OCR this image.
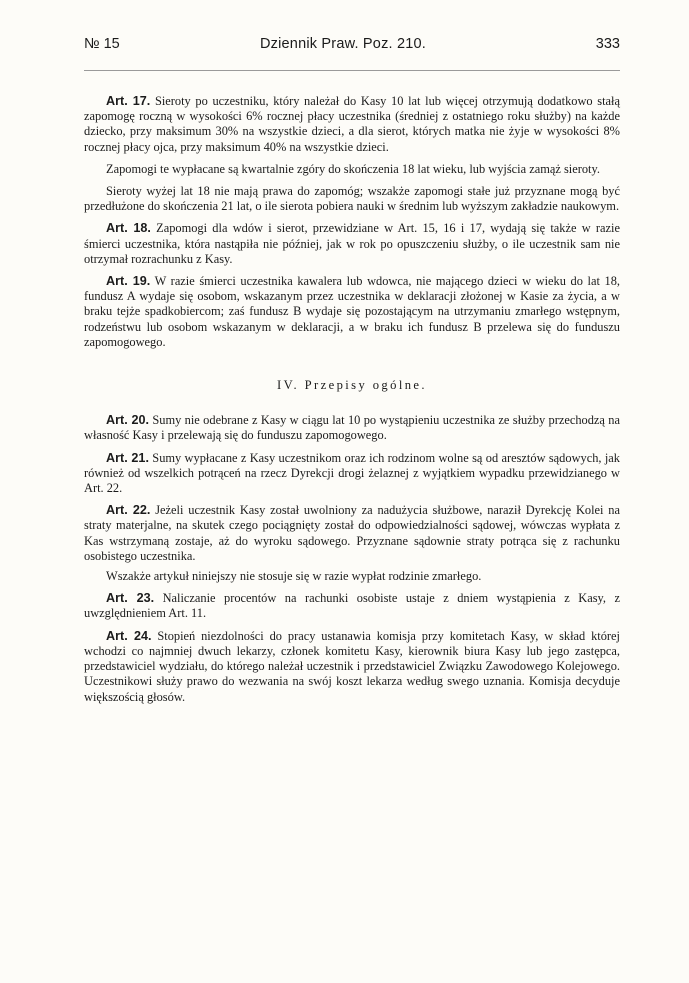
№ 15	Dziennik Praw. Poz. 210.	333

Art. 17. Sieroty po uczestniku, który należał do Kasy 10 lat lub więcej otrzymują dodatkowo stałą zapomogę roczną w wysokości 6% rocznej płacy uczestnika (średniej z ostatniego roku służby) na każde dziecko, przy maksimum 30% na wszystkie dzieci, a dla sierot, których matka nie żyje w wysokości 8% rocznej płacy ojca, przy maksimum 40% na wszystkie dzieci.

Zapomogi te wypłacane są kwartalnie zgóry do skończenia 18 lat wieku, lub wyjścia zamąż sieroty.

Sieroty wyżej lat 18 nie mają prawa do zapomóg; wszakże zapomogi stałe już przyznane mogą być przedłużone do skończenia 21 lat, o ile sierota pobiera nauki w średnim lub wyższym zakładzie naukowym.

Art. 18. Zapomogi dla wdów i sierot, przewidziane w Art. 15, 16 i 17, wydają się także w razie śmierci uczestnika, która nastąpiła nie później, jak w rok po opuszczeniu służby, o ile uczestnik sam nie otrzymał rozrachunku z Kasy.

Art. 19. W razie śmierci uczestnika kawalera lub wdowca, nie mającego dzieci w wieku do lat 18, fundusz A wydaje się osobom, wskazanym przez uczestnika w deklaracji złożonej w Kasie za życia, a w braku tejże spadkobiercom; zaś fundusz B wydaje się pozostającym na utrzymaniu zmarłego wstępnym, rodzeństwu lub osobom wskazanym w deklaracji, a w braku ich fundusz B przelewa się do funduszu zapomogowego.

IV. Przepisy ogólne.

Art. 20. Sumy nie odebrane z Kasy w ciągu lat 10 po wystąpieniu uczestnika ze służby przechodzą na własność Kasy i przelewają się do funduszu zapomogowego.

Art. 21. Sumy wypłacane z Kasy uczestnikom oraz ich rodzinom wolne są od aresztów sądowych, jak również od wszelkich potrąceń na rzecz Dyrekcji drogi żelaznej z wyjątkiem wypadku przewidzianego w Art. 22.

Art. 22. Jeżeli uczestnik Kasy został uwolniony za nadużycia służbowe, naraził Dyrekcję Kolei na straty materjalne, na skutek czego pociągnięty został do odpowiedzialności sądowej, wówczas wypłata z Kas wstrzymaną zostaje, aż do wyroku sądowego. Przyznane sądownie straty potrąca się z rachunku osobistego uczestnika.

Wszakże artykuł niniejszy nie stosuje się w razie wypłat rodzinie zmarłego.

Art. 23. Naliczanie procentów na rachunki osobiste ustaje z dniem wystąpienia z Kasy, z uwzględnieniem Art. 11.

Art. 24. Stopień niezdolności do pracy ustanawia komisja przy komitetach Kasy, w skład której wchodzi co najmniej dwuch lekarzy, członek komitetu Kasy, kierownik biura Kasy lub jego zastępca, przedstawiciel wydziału, do którego należał uczestnik i przedstawiciel Związku Zawodowego Kolejowego. Uczestnikowi służy prawo do wezwania na swój koszt lekarza według swego uznania. Komisja decyduje większością głosów.
